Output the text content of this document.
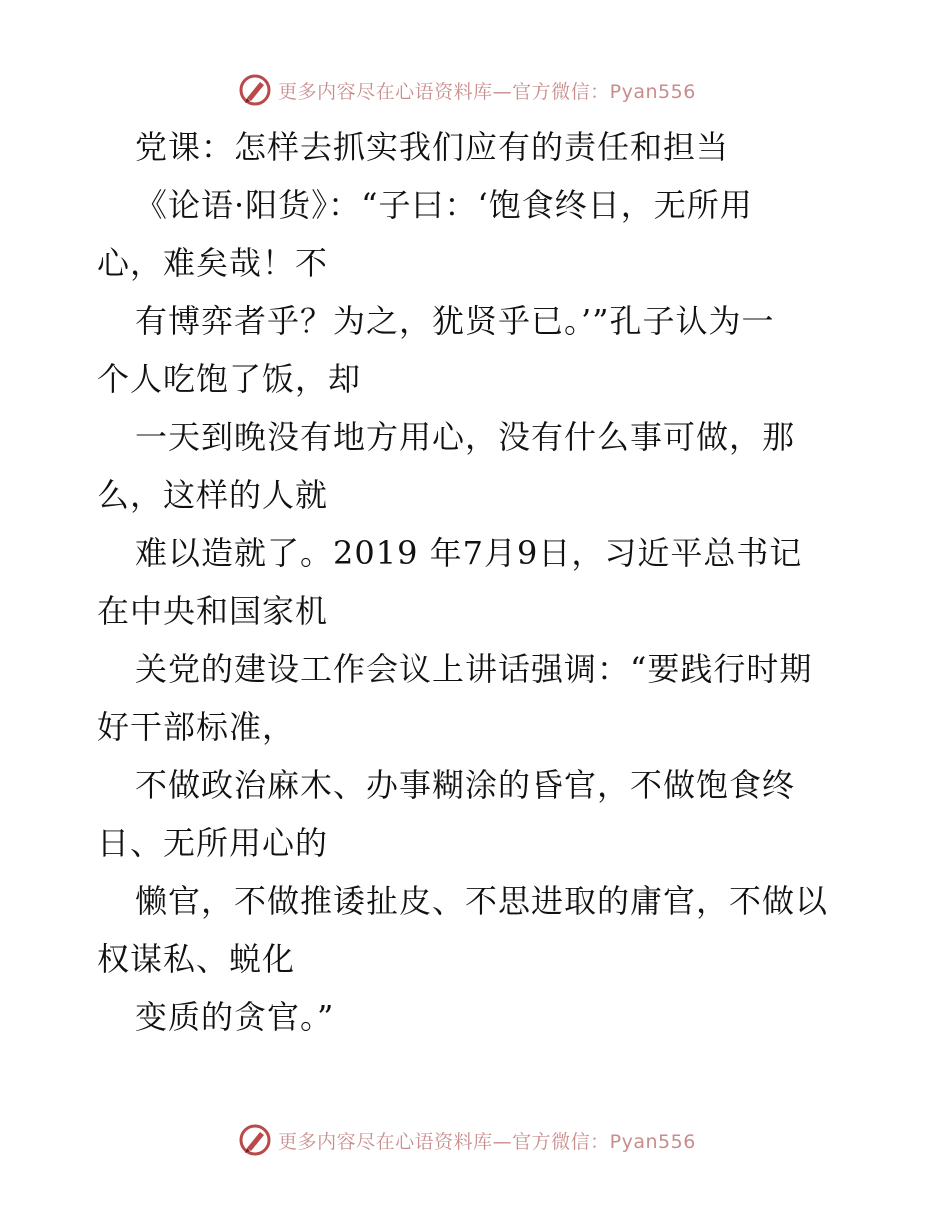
更多内容尽在心语资料库—官方微信：Pyan556
党课：怎样去抓实我们应有的责任和担当
《论语·阳货》：“子曰：‘饱食终日，无所用
心，难矣哉！不
有博弈者乎？为之，犹贤乎已。’”孔子认为一
个人吃饱了饭，却
一天到晚没有地方用心，没有什么事可做，那
么，这样的人就
难以造就了。2019 年7月9日，习近平总书记
在中央和国家机
关党的建设工作会议上讲话强调：“要践行时期
好干部标准，
不做政治麻木、办事糊涂的昏官，不做饱食终
日、无所用心的
懒官，不做推诿扯皮、不思进取的庸官，不做以
权谋私、蜕化
变质的贪官。”
更多内容尽在心语资料库—官方微信：Pyan556
